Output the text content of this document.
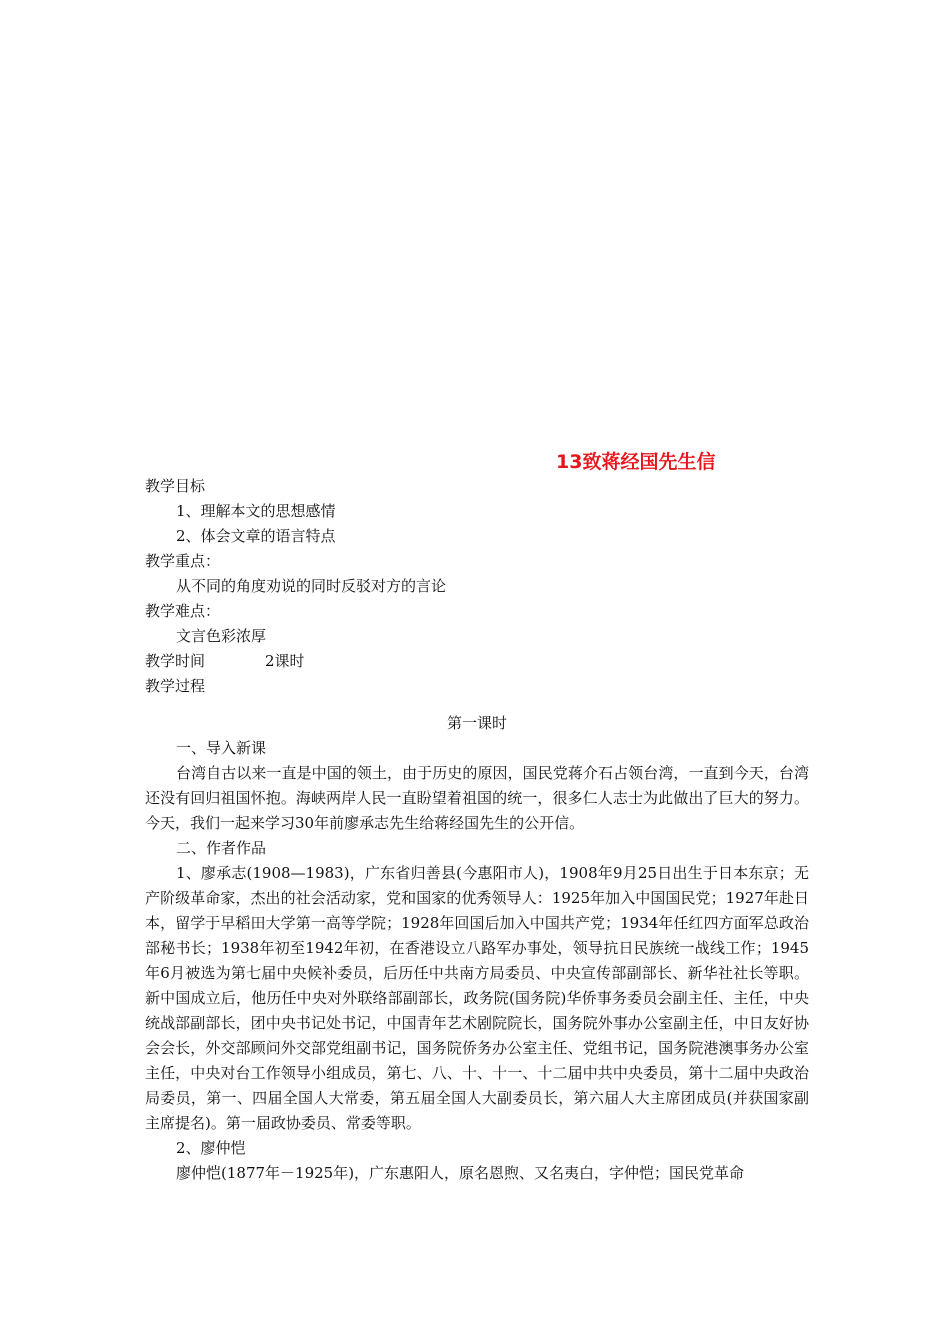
13致蒋经国先生信
教学目标
1、理解本文的思想感情
2、体会文章的语言特点
教学重点：
从不同的角度劝说的同时反驳对方的言论
教学难点：
文言色彩浓厚
教学时间	2课时
教学过程
第一课时
一、导入新课
台湾自古以来一直是中国的领土，由于历史的原因，国民党蒋介石占领台湾，一直到今天，台湾还没有回归祖国怀抱。海峡两岸人民一直盼望着祖国的统一，很多仁人志士为此做出了巨大的努力。今天，我们一起来学习30年前廖承志先生给蒋经国先生的公开信。
二、作者作品
1、廖承志(1908—1983)，广东省归善县(今惠阳市人)，1908年9月25日出生于日本东京；无产阶级革命家，杰出的社会活动家，党和国家的优秀领导人：1925年加入中国国民党；1927年赴日本，留学于早稻田大学第一高等学院；1928年回国后加入中国共产党；1934年任红四方面军总政治部秘书长；1938年初至1942年初，在香港设立八路军办事处，领导抗日民族统一战线工作；1945年6月被选为第七届中央候补委员，后历任中共南方局委员、中央宣传部副部长、新华社社长等职。新中国成立后，他历任中央对外联络部副部长，政务院(国务院)华侨事务委员会副主任、主任，中央统战部副部长，团中央书记处书记，中国青年艺术剧院院长，国务院外事办公室副主任，中日友好协会会长，外交部顾问外交部党组副书记，国务院侨务办公室主任、党组书记，国务院港澳事务办公室主任，中央对台工作领导小组成员，第七、八、十、十一、十二届中共中央委员，第十二届中央政治局委员，第一、四届全国人大常委，第五届全国人大副委员长，第六届人大主席团成员(并获国家副主席提名)。第一届政协委员、常委等职。
2、廖仲恺
廖仲恺(1877年－1925年)，广东惠阳人，原名恩煦、又名夷白，字仲恺；国民党革命
